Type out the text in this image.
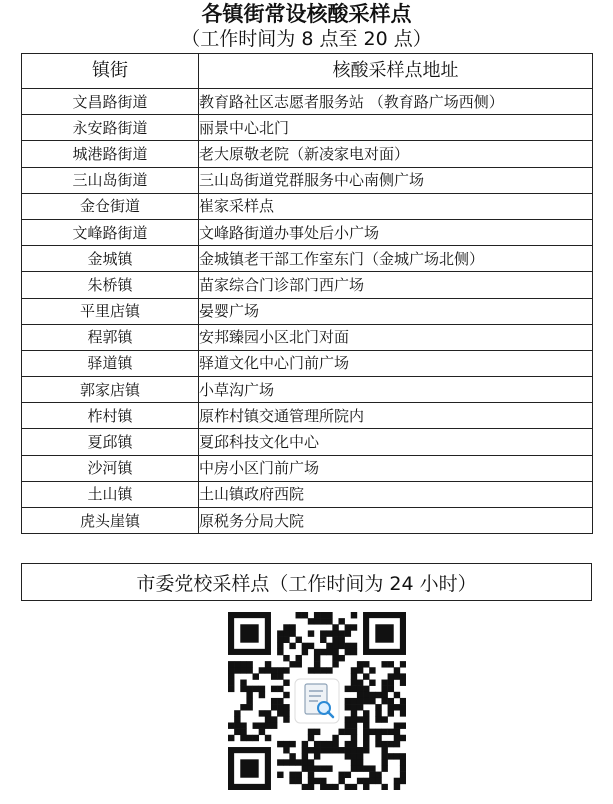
各镇街常设核酸采样点
（工作时间为 8 点至 20 点）
镇街	核酸采样点地址
文昌路街道	教育路社区志愿者服务站 （教育路广场西侧）
永安路街道	丽景中心北门
城港路街道	老大原敬老院（新凌家电对面）
三山岛街道	三山岛街道党群服务中心南侧广场
金仓街道	崔家采样点
文峰路街道	文峰路街道办事处后小广场
金城镇	金城镇老干部工作室东门（金城广场北侧）
朱桥镇	苗家综合门诊部门西广场
平里店镇	晏婴广场
程郭镇	安邦臻园小区北门对面
驿道镇	驿道文化中心门前广场
郭家店镇	小草沟广场
柞村镇	原柞村镇交通管理所院内
夏邱镇	夏邱科技文化中心
沙河镇	中房小区门前广场
土山镇	土山镇政府西院
虎头崖镇	原税务分局大院
市委党校采样点（工作时间为 24 小时）
